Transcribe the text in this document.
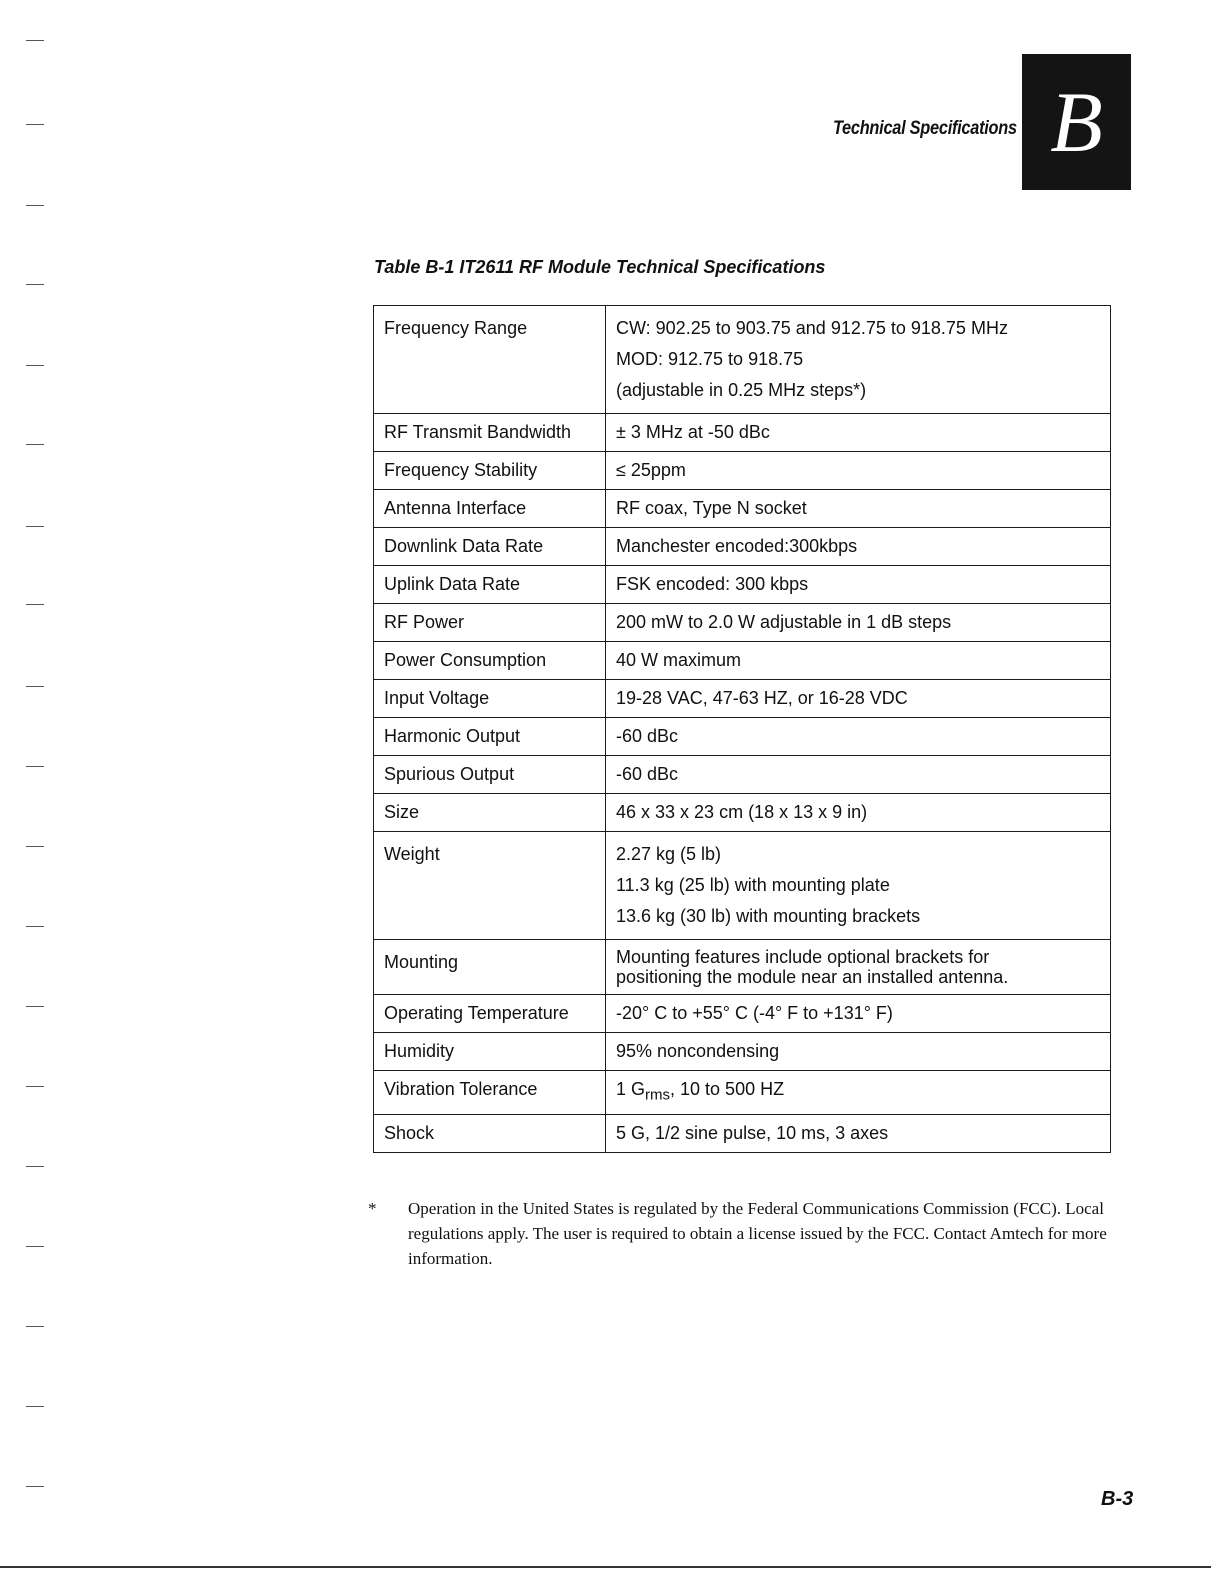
Technical Specifications B
Table B-1 IT2611 RF Module Technical Specifications
Frequency Range	CW: 902.25 to 903.75 and 912.75 to 918.75 MHz
MOD: 912.75 to 918.75
(adjustable in 0.25 MHz steps*)

RF Transmit Bandwidth	± 3 MHz at -50 dBc
Frequency Stability	≤ 25ppm
Antenna Interface	RF coax, Type N socket
Downlink Data Rate	Manchester encoded:300kbps
Uplink Data Rate	FSK encoded: 300 kbps
RF Power	200 mW to 2.0 W adjustable in 1 dB steps
Power Consumption	40 W maximum
Input Voltage	19-28 VAC, 47-63 HZ, or 16-28 VDC
Harmonic Output	-60 dBc
Spurious Output	-60 dBc
Size	46 x 33 x 23 cm (18 x 13 x 9 in)
Weight	2.27 kg (5 lb)
11.3 kg (25 lb) with mounting plate
13.6 kg (30 lb) with mounting brackets

Mounting	Mounting features include optional brackets for
positioning the module near an installed antenna.

Operating Temperature	-20° C to +55° C (-4° F to +131° F)
Humidity	95% noncondensing
Vibration Tolerance	1 $G_{rms}$, 10 to 500 HZ
Shock	5 G, 1/2 sine pulse, 10 ms, 3 axes
* Operation in the United States is regulated by the Federal Communications Commission (FCC). Local regulations apply. The user is required to obtain a license issued by the FCC. Contact Amtech for more information.
B-3
